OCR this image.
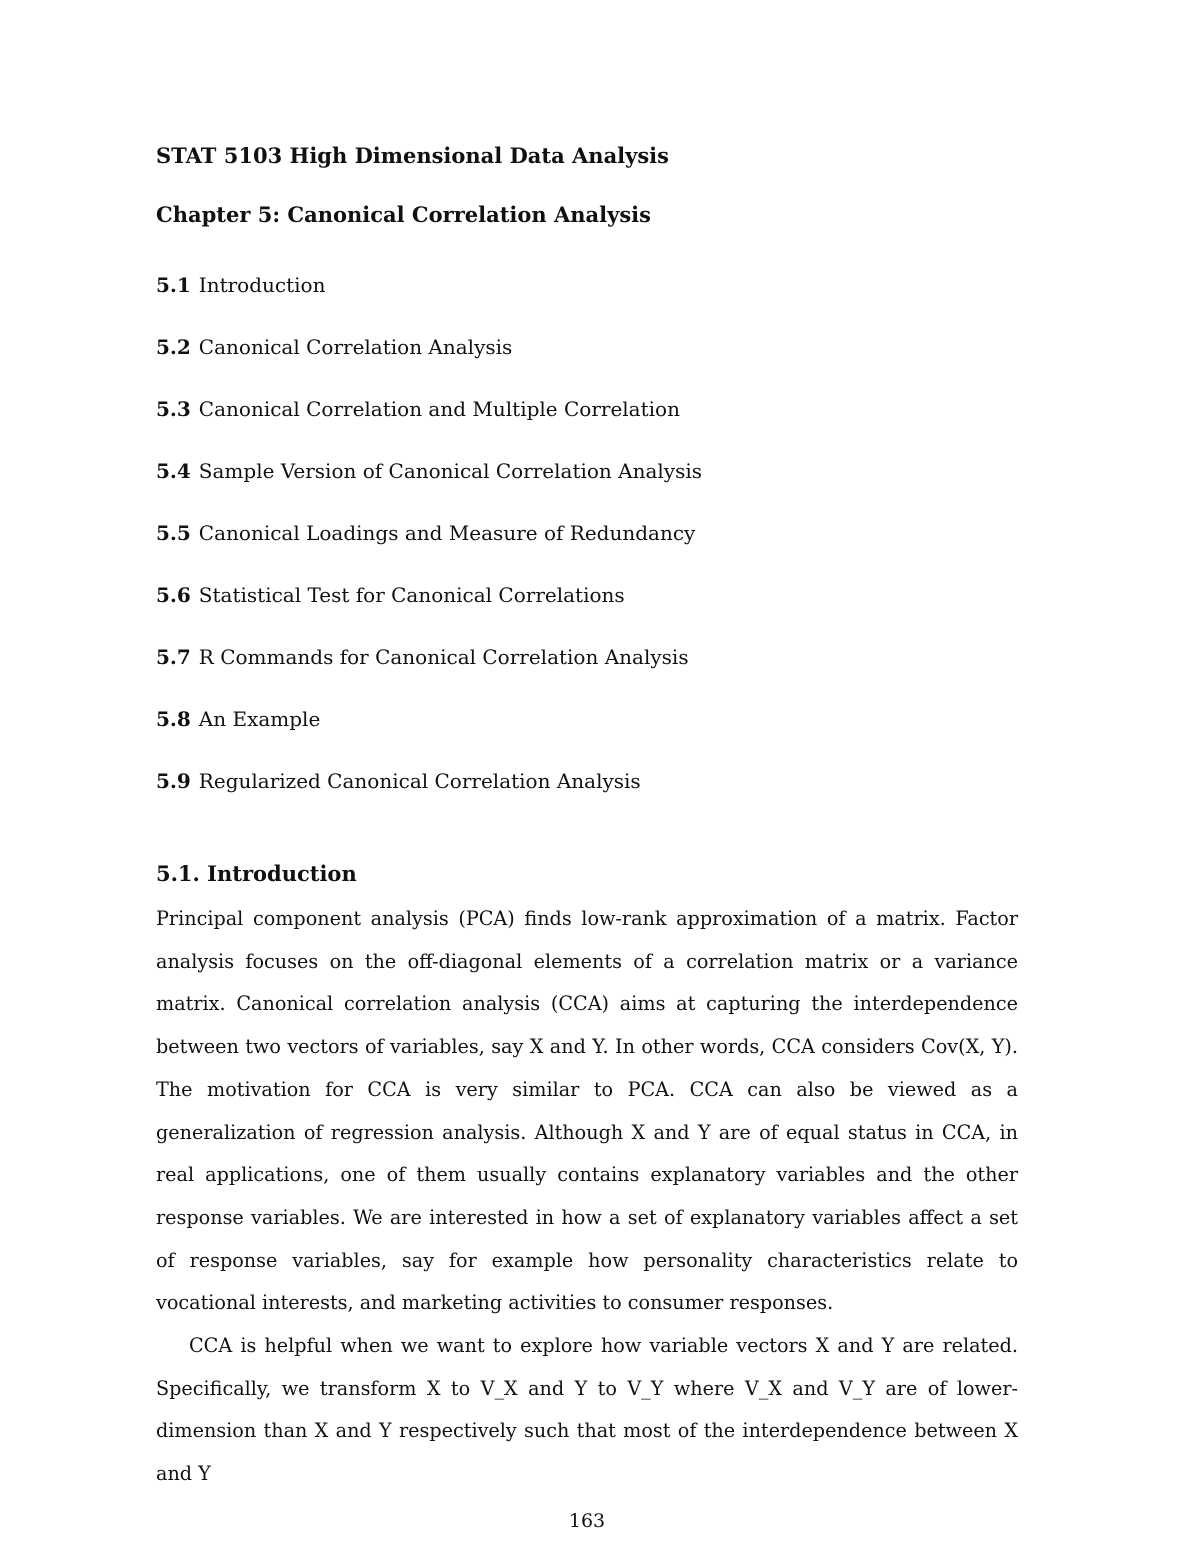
STAT 5103 High Dimensional Data Analysis
Chapter 5: Canonical Correlation Analysis
5.1 Introduction
5.2 Canonical Correlation Analysis
5.3 Canonical Correlation and Multiple Correlation
5.4 Sample Version of Canonical Correlation Analysis
5.5 Canonical Loadings and Measure of Redundancy
5.6 Statistical Test for Canonical Correlations
5.7 R Commands for Canonical Correlation Analysis
5.8 An Example
5.9 Regularized Canonical Correlation Analysis
5.1. Introduction

Principal component analysis (PCA) finds low-rank approximation of a matrix. Factor analysis focuses on the off-diagonal elements of a correlation matrix or a variance matrix. Canonical correlation analysis (CCA) aims at capturing the interdependence between two vectors of variables, say X and Y. In other words, CCA considers Cov(X, Y). The motivation for CCA is very similar to PCA. CCA can also be viewed as a generalization of regression analysis. Although X and Y are of equal status in CCA, in real applications, one of them usually contains explanatory variables and the other response variables. We are interested in how a set of explanatory variables affect a set of response variables, say for example how personality characteristics relate to vocational interests, and marketing activities to consumer responses.

CCA is helpful when we want to explore how variable vectors X and Y are related. Specifically, we transform X to V_X and Y to V_Y where V_X and V_Y are of lower-dimension than X and Y respectively such that most of the interdependence between X and Y

163
